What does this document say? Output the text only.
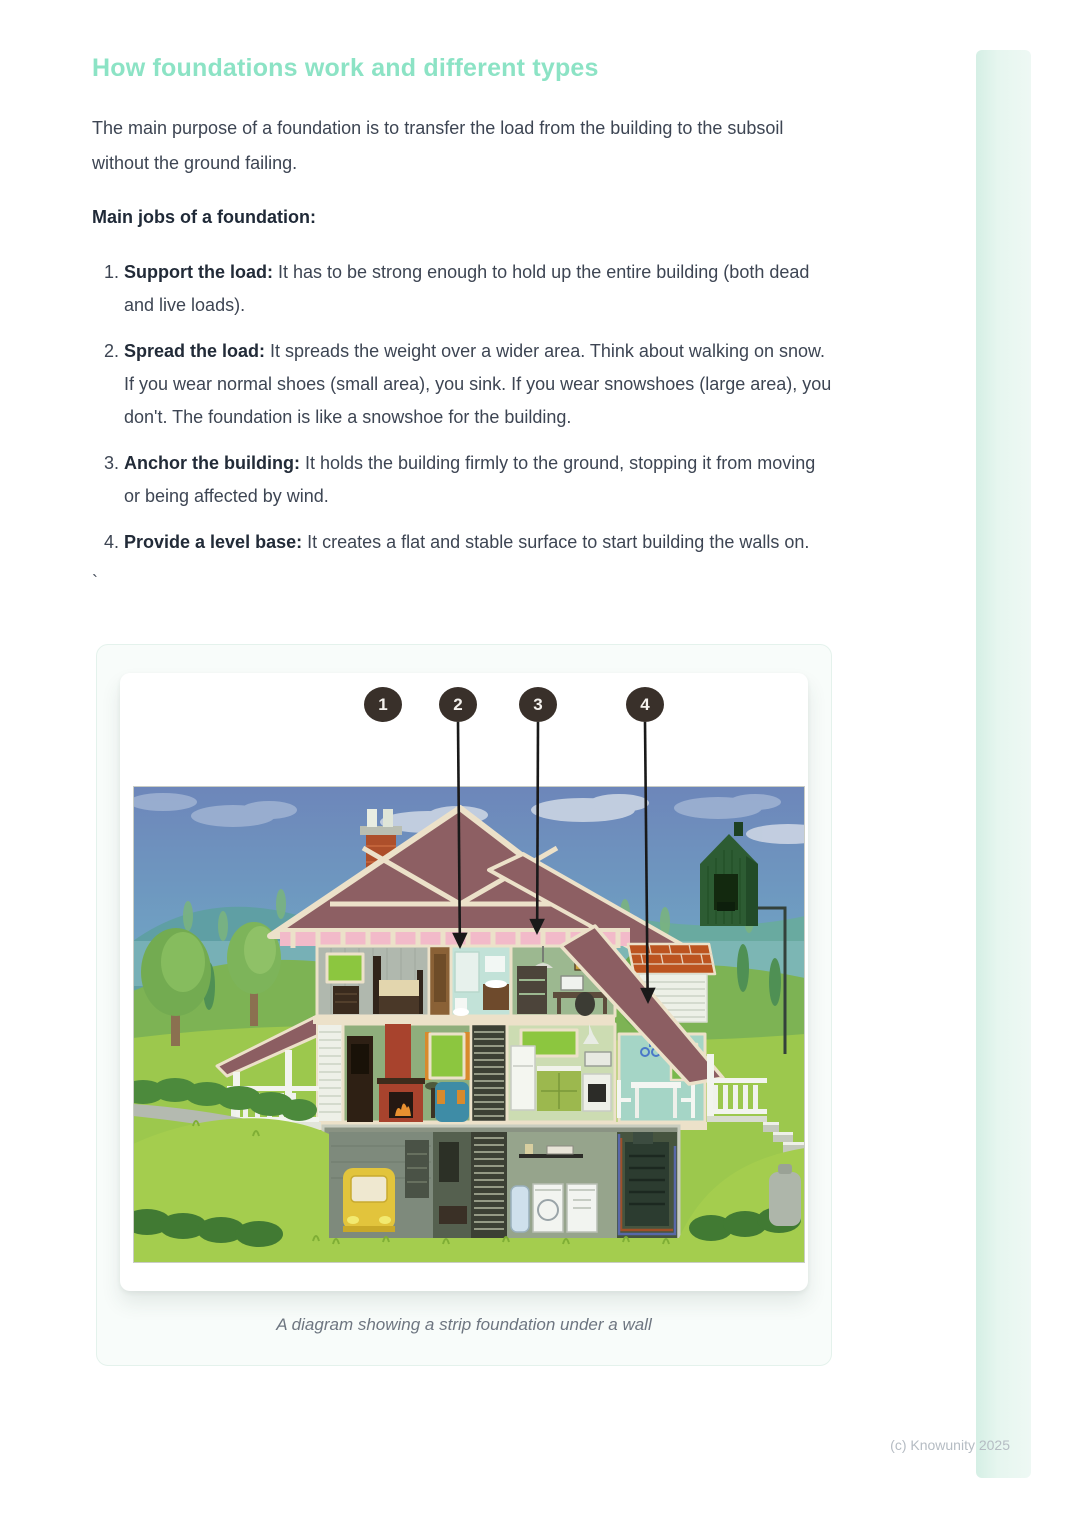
How foundations work and different types

The main purpose of a foundation is to transfer the load from the building to the subsoil without the ground failing.

Main jobs of a foundation:

1. Support the load: It has to be strong enough to hold up the entire building (both dead and live loads).
2. Spread the load: It spreads the weight over a wider area. Think about walking on snow. If you wear normal shoes (small area), you sink. If you wear snowshoes (large area), you don't. The foundation is like a snowshoe for the building.
3. Anchor the building: It holds the building firmly to the ground, stopping it from moving or being affected by wind.
4. Provide a level base: It creates a flat and stable surface to start building the walls on.
`
1	2	3	4

A diagram showing a strip foundation under a wall

(c) Knowunity 2025
